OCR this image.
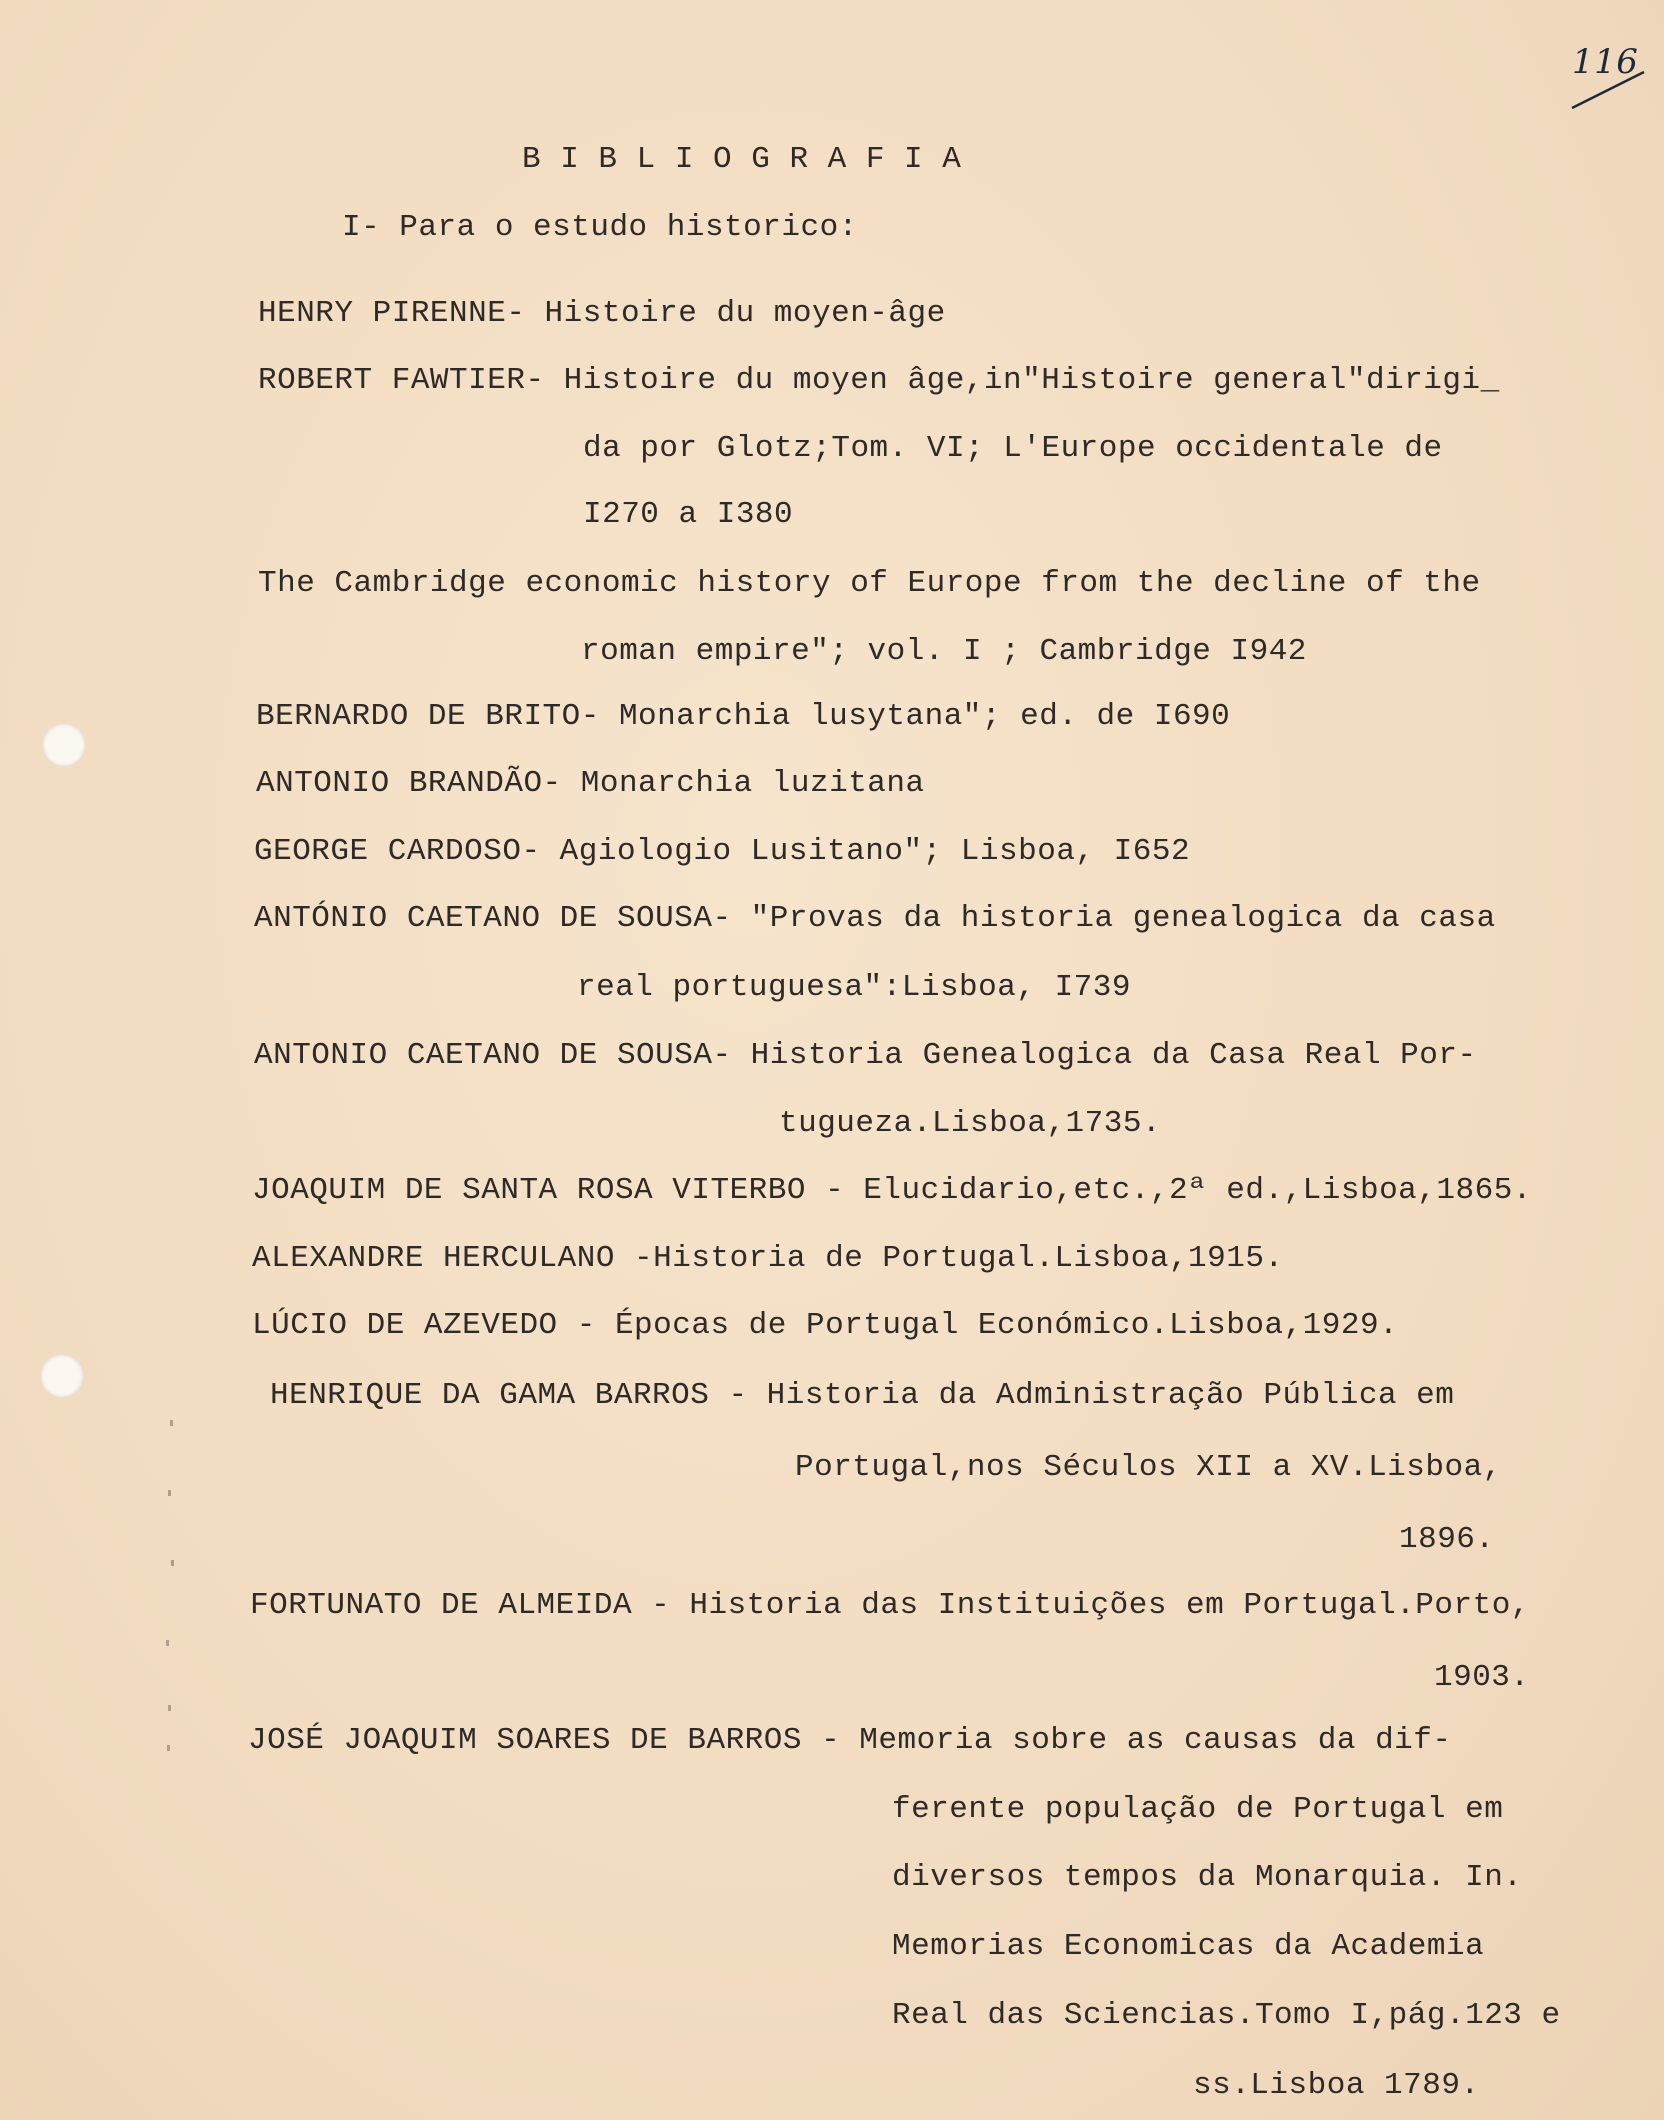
116
B I B L I O G R A F I A
I- Para o estudo historico:
HENRY PIRENNE- Histoire du moyen-âge
ROBERT FAWTIER- Histoire du moyen âge,in"Histoire general"dirigi_
da por Glotz;Tom. VI; L'Europe occidentale de
I270 a I380
The Cambridge economic history of Europe from the decline of the
roman empire"; vol. I ; Cambridge I942
BERNARDO DE BRITO- Monarchia lusytana"; ed. de I690
ANTONIO BRANDÃO- Monarchia luzitana
GEORGE CARDOSO- Agiologio Lusitano"; Lisboa, I652
ANTÓNIO CAETANO DE SOUSA- "Provas da historia genealogica da casa
real portuguesa":Lisboa, I739
ANTONIO CAETANO DE SOUSA- Historia Genealogica da Casa Real Por-
tugueza.Lisboa,1735.
JOAQUIM DE SANTA ROSA VITERBO - Elucidario,etc.,2ª ed.,Lisboa,1865.
ALEXANDRE HERCULANO -Historia de Portugal.Lisboa,1915.
LÚCIO DE AZEVEDO - Épocas de Portugal Económico.Lisboa,1929.
HENRIQUE DA GAMA BARROS - Historia da Administração Pública em
Portugal,nos Séculos XII a XV.Lisboa,
1896.
FORTUNATO DE ALMEIDA - Historia das Instituições em Portugal.Porto,
1903.
JOSÉ JOAQUIM SOARES DE BARROS - Memoria sobre as causas da dif-
ferente população de Portugal em
diversos tempos da Monarquia. In.
Memorias Economicas da Academia
Real das Sciencias.Tomo I,pág.123 e
ss.Lisboa 1789.
